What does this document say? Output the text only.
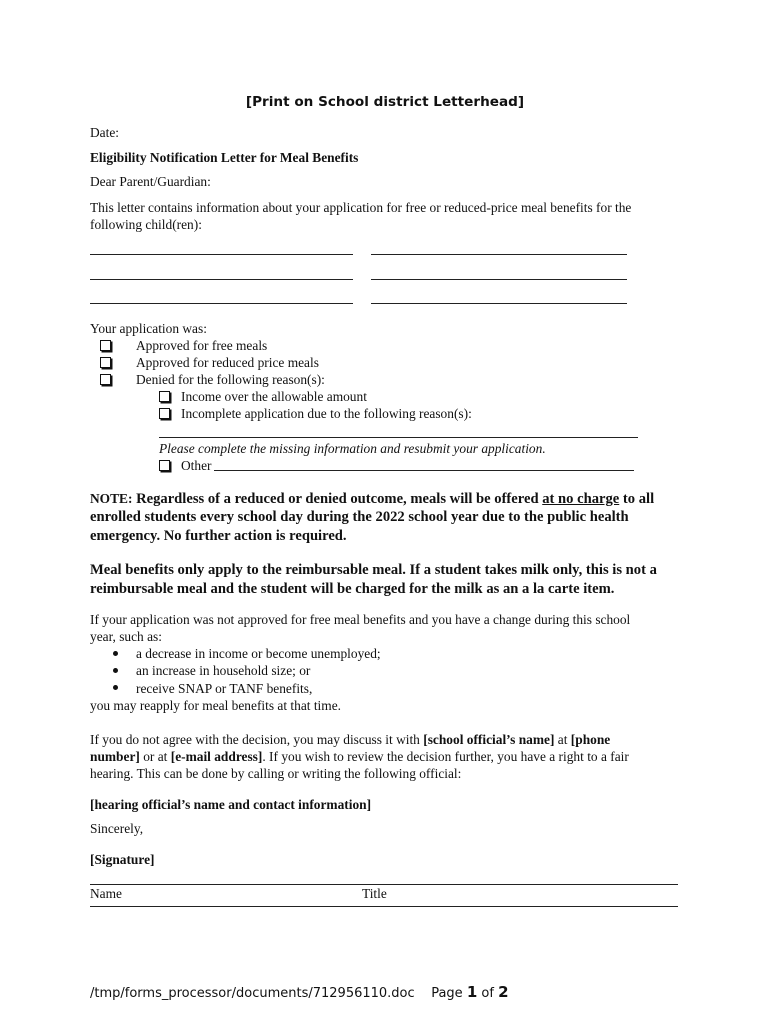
[Print on School district Letterhead]
Date:
Eligibility Notification Letter for Meal Benefits
Dear Parent/Guardian:
This letter contains information about your application for free or reduced-price meal benefits for the
following child(ren):
Your application was:
Approved for free meals
Approved for reduced price meals
Denied for the following reason(s):
Income over the allowable amount
Incomplete application due to the following reason(s):
Please complete the missing information and resubmit your application.
Other
NOTE: Regardless of a reduced or denied outcome, meals will be offered at no charge to all
enrolled students every school day during the 2022 school year due to the public health
emergency. No further action is required.
Meal benefits only apply to the reimbursable meal. If a student takes milk only, this is not a
reimbursable meal and the student will be charged for the milk as an a la carte item.
If your application was not approved for free meal benefits and you have a change during this school
year, such as:
a decrease in income or become unemployed;
an increase in household size; or
receive SNAP or TANF benefits,
you may reapply for meal benefits at that time.
If you do not agree with the decision, you may discuss it with [school official’s name] at [phone
number] or at [e-mail address]. If you wish to review the decision further, you have a right to a fair
hearing. This can be done by calling or writing the following official:
[hearing official’s name and contact information]
Sincerely,
[Signature]
Name	Title
/tmp/forms_processor/documents/712956110.doc Page 1 of 2
